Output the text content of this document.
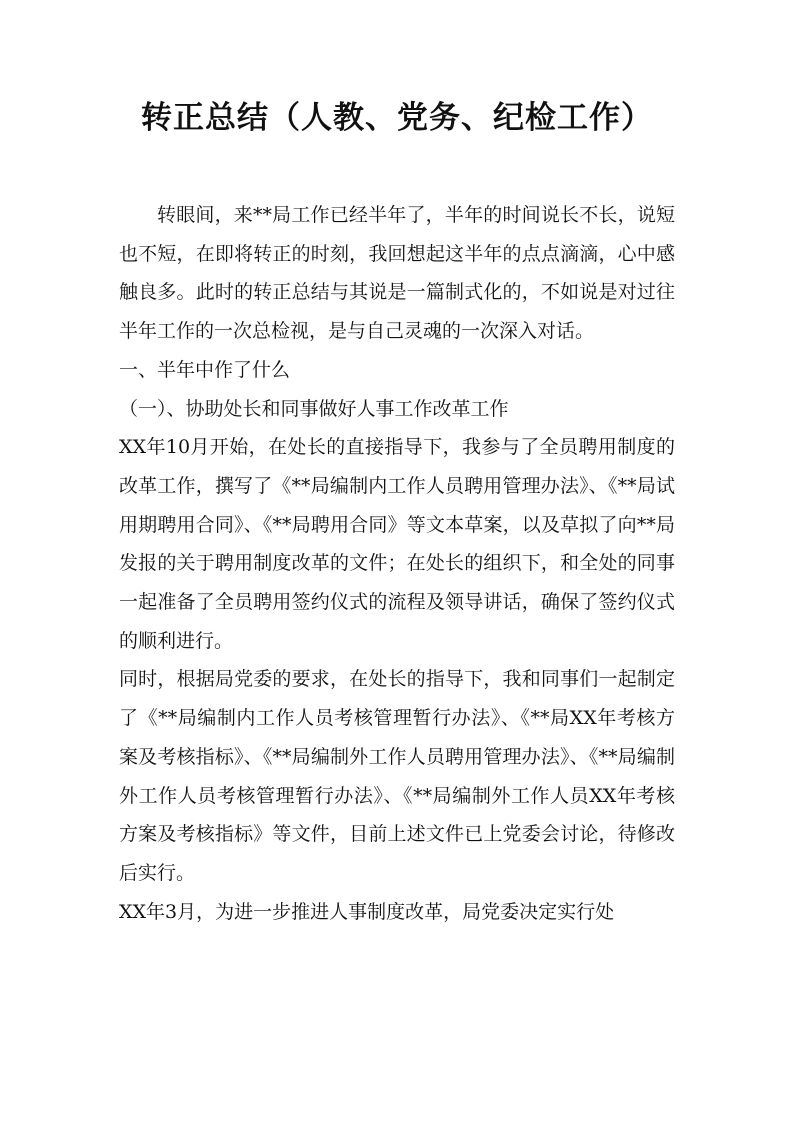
转正总结（人教、党务、纪检工作）

转眼间，来**局工作已经半年了，半年的时间说长不长，说短也不短，在即将转正的时刻，我回想起这半年的点点滴滴，心中感触良多。此时的转正总结与其说是一篇制式化的，不如说是对过往半年工作的一次总检视，是与自己灵魂的一次深入对话。

一、半年中作了什么

（一）、协助处长和同事做好人事工作改革工作

XX年10月开始，在处长的直接指导下，我参与了全员聘用制度的改革工作，撰写了《**局编制内工作人员聘用管理办法》、《**局试用期聘用合同》、《**局聘用合同》等文本草案，以及草拟了向**局发报的关于聘用制度改革的文件；在处长的组织下，和全处的同事一起准备了全员聘用签约仪式的流程及领导讲话，确保了签约仪式的顺利进行。

同时，根据局党委的要求，在处长的指导下，我和同事们一起制定了《**局编制内工作人员考核管理暂行办法》、《**局XX年考核方案及考核指标》、《**局编制外工作人员聘用管理办法》、《**局编制外工作人员考核管理暂行办法》、《**局编制外工作人员XX年考核方案及考核指标》等文件，目前上述文件已上党委会讨论，待修改后实行。

XX年3月，为进一步推进人事制度改革，局党委决定实行处
